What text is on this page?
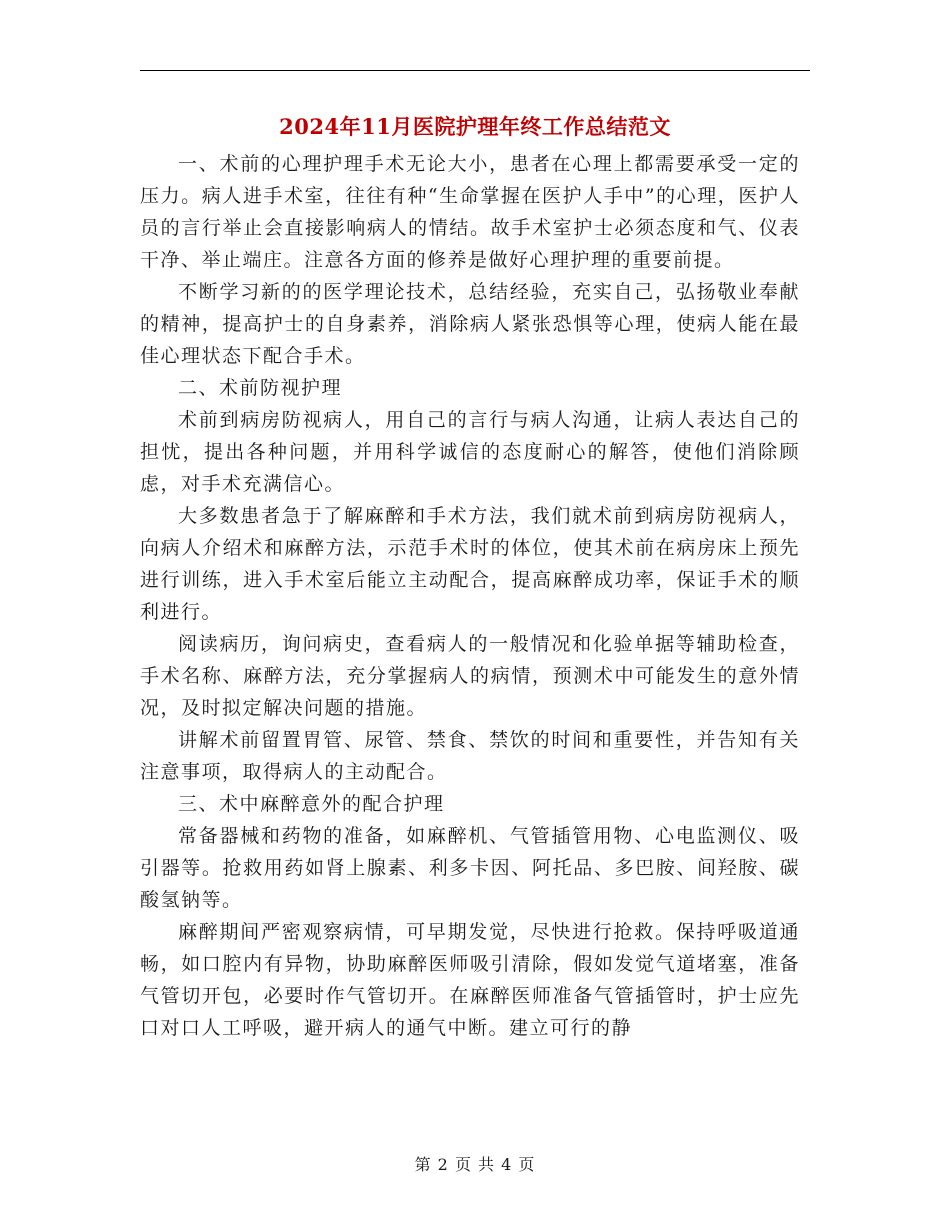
2024年11月医院护理年终工作总结范文

一、术前的心理护理手术无论大小，患者在心理上都需要承受一定的压力。病人进手术室，往往有种“生命掌握在医护人手中”的心理，医护人员的言行举止会直接影响病人的情结。故手术室护士必须态度和气、仪表干净、举止端庄。注意各方面的修养是做好心理护理的重要前提。

不断学习新的的医学理论技术，总结经验，充实自己，弘扬敬业奉献的精神，提高护士的自身素养，消除病人紧张恐惧等心理，使病人能在最佳心理状态下配合手术。

二、术前防视护理

术前到病房防视病人，用自己的言行与病人沟通，让病人表达自己的担忧，提出各种问题，并用科学诚信的态度耐心的解答，使他们消除顾虑，对手术充满信心。

大多数患者急于了解麻醉和手术方法，我们就术前到病房防视病人，向病人介绍术和麻醉方法，示范手术时的体位，使其术前在病房床上预先进行训练，进入手术室后能立主动配合，提高麻醉成功率，保证手术的顺利进行。

阅读病历，询问病史，查看病人的一般情况和化验单据等辅助检查，手术名称、麻醉方法，充分掌握病人的病情，预测术中可能发生的意外情况，及时拟定解决问题的措施。

讲解术前留置胃管、尿管、禁食、禁饮的时间和重要性，并告知有关注意事项，取得病人的主动配合。

三、术中麻醉意外的配合护理

常备器械和药物的准备，如麻醉机、气管插管用物、心电监测仪、吸引器等。抢救用药如肾上腺素、利多卡因、阿托品、多巴胺、间羟胺、碳酸氢钠等。

麻醉期间严密观察病情，可早期发觉，尽快进行抢救。保持呼吸道通畅，如口腔内有异物，协助麻醉医师吸引清除，假如发觉气道堵塞，准备气管切开包，必要时作气管切开。在麻醉医师准备气管插管时，护士应先口对口人工呼吸，避开病人的通气中断。建立可行的静

第 2 页 共 4 页
